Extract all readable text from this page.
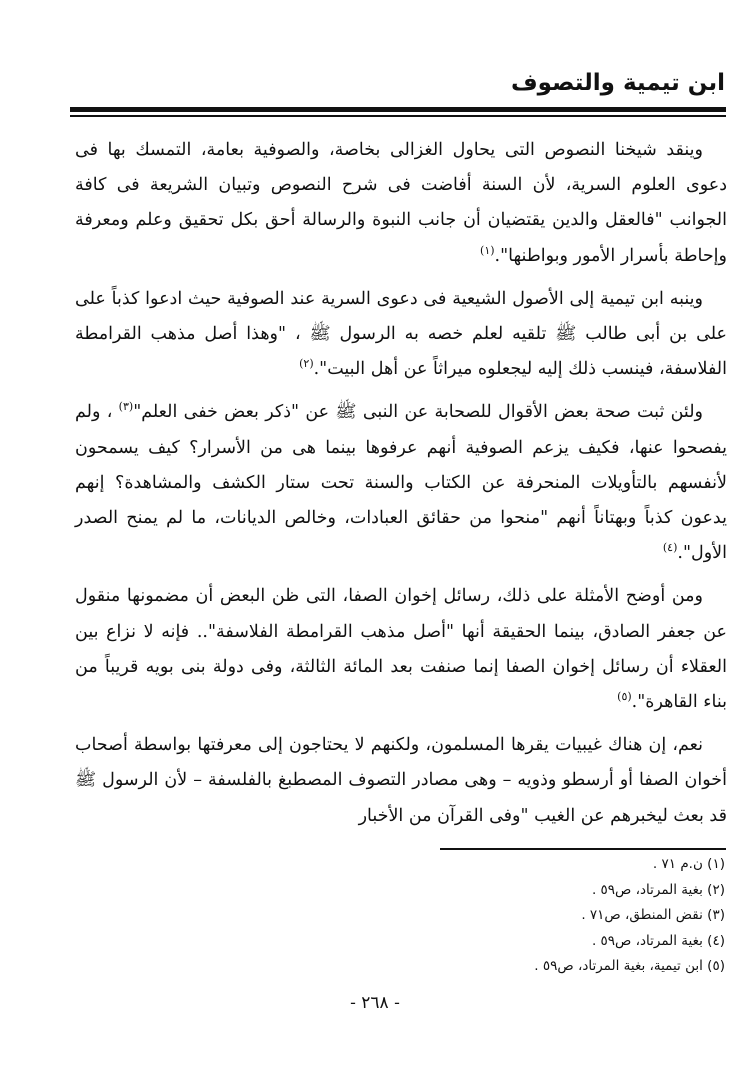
ابن تيمية والتصوف

وينقد شيخنا النصوص التى يحاول الغزالى بخاصة، والصوفية بعامة، التمسك بها فى دعوى العلوم السرية، لأن السنة أفاضت فى شرح النصوص وتبيان الشريعة فى كافة الجوانب "فالعقل والدين يقتضيان أن جانب النبوة والرسالة أحق بكل تحقيق وعلم ومعرفة وإحاطة بأسرار الأمور وبواطنها".$^{(١)}$

وينبه ابن تيمية إلى الأصول الشيعية فى دعوى السرية عند الصوفية حيث ادعوا كذباً على على بن أبى طالب ﷺ تلقيه لعلم خصه به الرسول ﷺ ، "وهذا أصل مذهب القرامطة الفلاسفة، فينسب ذلك إليه ليجعلوه ميراثاً عن أهل البيت".$^{(٢)}$

ولئن ثبت صحة بعض الأقوال للصحابة عن النبى ﷺ عن "ذكر بعض خفى العلم"$^{(٣)}$ ، ولم يفصحوا عنها، فكيف يزعم الصوفية أنهم عرفوها بينما هى من الأسرار؟ كيف يسمحون لأنفسهم بالتأويلات المنحرفة عن الكتاب والسنة تحت ستار الكشف والمشاهدة؟ إنهم يدعون كذباً وبهتاناً أنهم "منحوا من حقائق العبادات، وخالص الديانات، ما لم يمنح الصدر الأول".$^{(٤)}$

ومن أوضح الأمثلة على ذلك، رسائل إخوان الصفا، التى ظن البعض أن مضمونها منقول عن جعفر الصادق، بينما الحقيقة أنها "أصل مذهب القرامطة الفلاسفة".. فإنه لا نزاع بين العقلاء أن رسائل إخوان الصفا إنما صنفت بعد المائة الثالثة، وفى دولة بنى بويه قريباً من بناء القاهرة".$^{(٥)}$

نعم، إن هناك غيبيات يقرها المسلمون، ولكنهم لا يحتاجون إلى معرفتها بواسطة أصحاب أخوان الصفا أو أرسطو وذويه – وهى مصادر التصوف المصطبغ بالفلسفة – لأن الرسول ﷺ قد بعث ليخبرهم عن الغيب "وفى القرآن من الأخبار

(١) ن.م ٧١ .
(٢) بغية المرتاد، ص٥٩ .
(٣) نقض المنطق، ص٧١ .
(٤) بغية المرتاد، ص٥٩ .
(٥) ابن تيمية، بغية المرتاد، ص٥٩ .
- ٢٦٨ -
